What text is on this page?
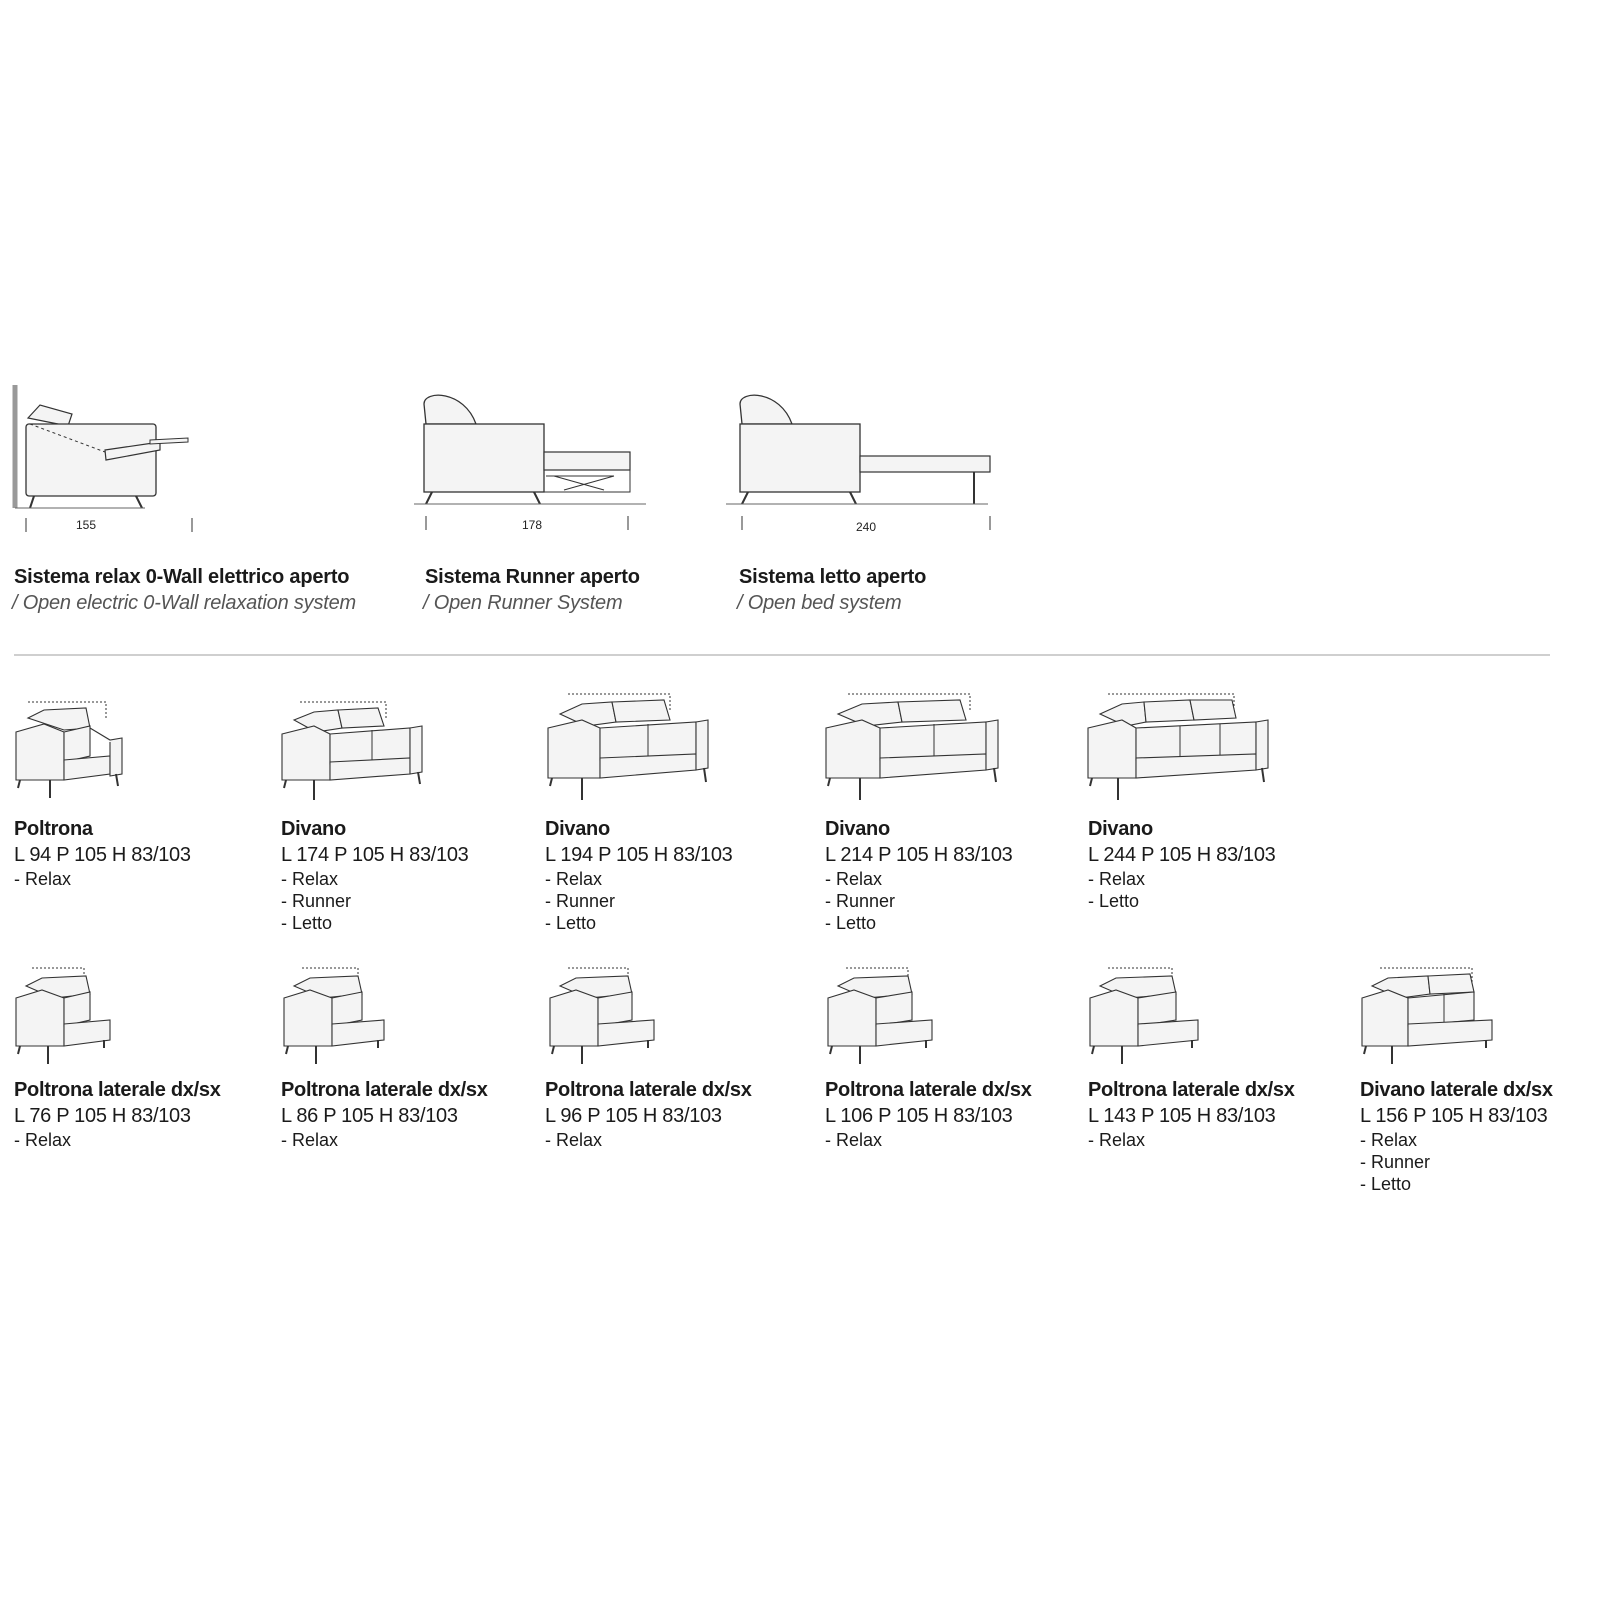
155	178	240
Sistema relax 0-Wall elettrico aperto
/ Open electric 0-Wall relaxation system
Sistema Runner aperto
/ Open Runner System
Sistema letto aperto
/ Open bed system
Poltrona
L 94 P 105 H 83/103
- Relax
Divano
L 174 P 105 H 83/103
- Relax
- Runner
- Letto
Divano
L 194 P 105 H 83/103
- Relax
- Runner
- Letto
Divano
L 214 P 105 H 83/103
- Relax
- Runner
- Letto
Divano
L 244 P 105 H 83/103
- Relax
- Letto
Poltrona laterale dx/sx
L 76 P 105 H 83/103
- Relax
Poltrona laterale dx/sx
L 86 P 105 H 83/103
- Relax
Poltrona laterale dx/sx
L 96 P 105 H 83/103
- Relax
Poltrona laterale dx/sx
L 106 P 105 H 83/103
- Relax
Poltrona laterale dx/sx
L 143 P 105 H 83/103
- Relax
Divano laterale dx/sx
L 156 P 105 H 83/103
- Relax
- Runner
- Letto
